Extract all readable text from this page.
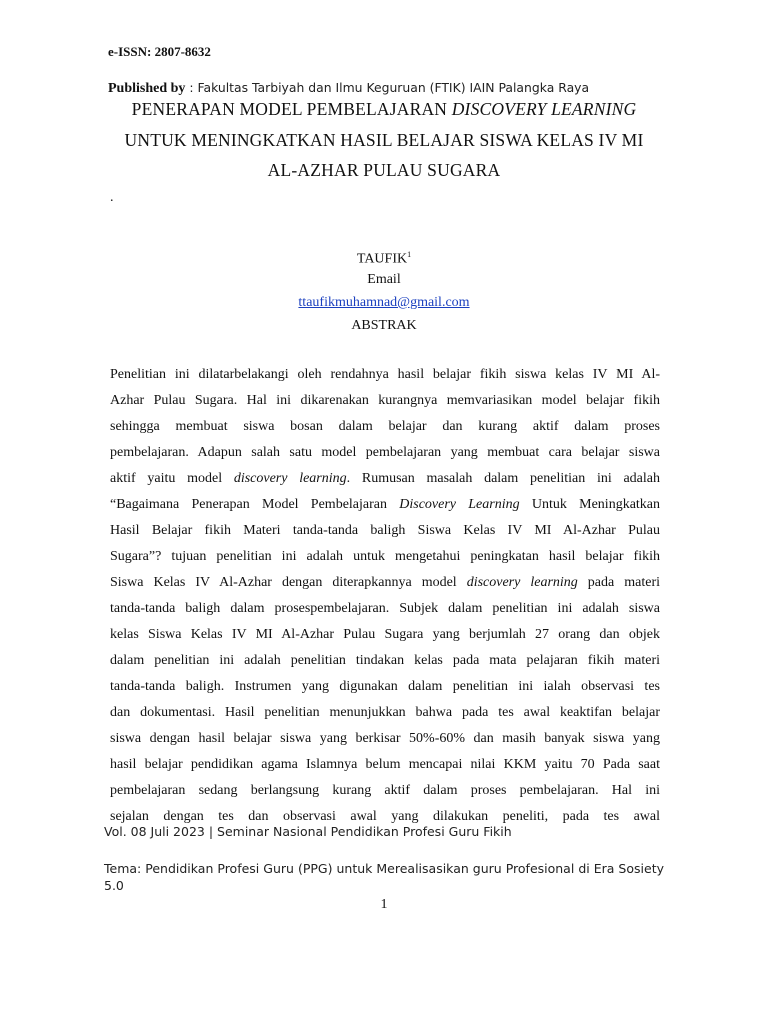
e-ISSN: 2807-8632
Published by : Fakultas Tarbiyah dan Ilmu Keguruan (FTIK) IAIN Palangka Raya
PENERAPAN MODEL PEMBELAJARAN DISCOVERY LEARNING
UNTUK MENINGKATKAN HASIL BELAJAR SISWA KELAS IV MI
AL-AZHAR PULAU SUGARA
.
TAUFIK$^1$
Email
ttaufikmuhamnad@gmail.com
ABSTRAK
Penelitian ini dilatarbelakangi oleh rendahnya hasil belajar fikih siswa kelas IV MI Al-
Azhar Pulau Sugara. Hal ini dikarenakan kurangnya memvariasikan model belajar fikih
sehingga membuat siswa bosan dalam belajar dan kurang aktif dalam proses
pembelajaran. Adapun salah satu model pembelajaran yang membuat cara belajar siswa
aktif yaitu model discovery learning. Rumusan masalah dalam penelitian ini adalah
“Bagaimana Penerapan Model Pembelajaran Discovery Learning Untuk Meningkatkan
Hasil Belajar fikih Materi tanda-tanda baligh Siswa Kelas IV MI Al-Azhar Pulau
Sugara”? tujuan penelitian ini adalah untuk mengetahui peningkatan hasil belajar fikih
Siswa Kelas IV Al-Azhar dengan diterapkannya model discovery learning pada materi
tanda-tanda baligh dalam prosespembelajaran. Subjek dalam penelitian ini adalah siswa
kelas Siswa Kelas IV MI Al-Azhar Pulau Sugara yang berjumlah 27 orang dan objek
dalam penelitian ini adalah penelitian tindakan kelas pada mata pelajaran fikih materi
tanda-tanda baligh. Instrumen yang digunakan dalam penelitian ini ialah observasi tes
dan dokumentasi. Hasil penelitian menunjukkan bahwa pada tes awal keaktifan belajar
siswa dengan hasil belajar siswa yang berkisar 50%-60% dan masih banyak siswa yang
hasil belajar pendidikan agama Islamnya belum mencapai nilai KKM yaitu 70 Pada saat
pembelajaran sedang berlangsung kurang aktif dalam proses pembelajaran. Hal ini
sejalan dengan tes dan observasi awal yang dilakukan peneliti, pada tes awal
Vol. 08 Juli 2023 | Seminar Nasional Pendidikan Profesi Guru Fikih
Tema: Pendidikan Profesi Guru (PPG) untuk Merealisasikan guru Profesional di Era Sosiety 5.0
1
